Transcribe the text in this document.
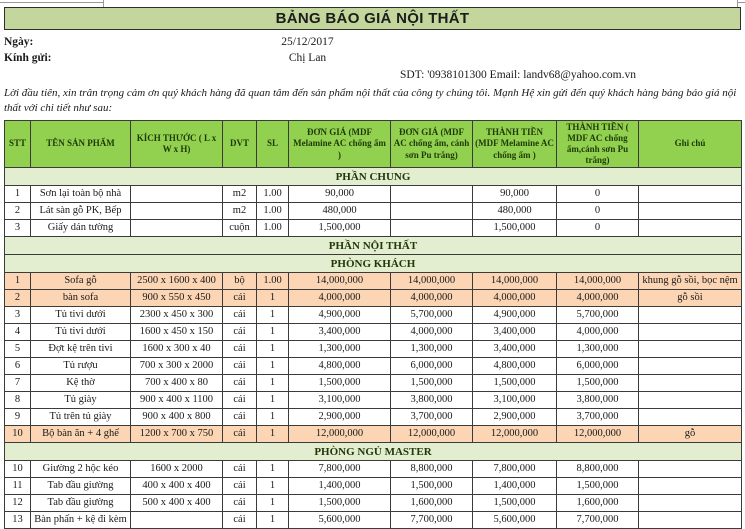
BẢNG BÁO GIÁ NỘI THẤT
Ngày:	25/12/2017
Kính gửi:	Chị Lan
SDT: '0938101300 Email: landv68@yahoo.com.vn
Lời đầu tiên, xin trân trọng cảm ơn quý khách hàng đã quan tâm đến sản phẩm nội thất của công ty chúng tôi. Mạnh Hệ xin gửi đến quý khách hàng bảng báo giá nội
thất với chi tiết như sau:
STT	TÊN SẢN PHẨM	KÍCH THƯỚC ( L x W x H)	DVT	SL	ĐƠN GIÁ (MDF Melamine AC chống ẩm )	ĐƠN GIÁ (MDF AC chống ẩm, cánh sơn Pu trắng)	THÀNH TIỀN (MDF Melamine AC chống ẩm )	THÀNH TIỀN ( MDF AC chống ẩm,cánh sơn Pu trắng)	Ghi chú
PHẦN CHUNG									
1	Sơn lại toàn bộ nhà		m2	1.00	90,000		90,000	0	
2	Lát sàn gỗ PK, Bếp		m2	1.00	480,000		480,000	0	
3	Giấy dán tường		cuộn	1.00	1,500,000		1,500,000	0	
PHẦN NỘI THẤT									
PHÒNG KHÁCH									
1	Sofa gỗ	2500 x 1600 x 400	bộ	1.00	14,000,000	14,000,000	14,000,000	14,000,000	khung gỗ sồi, bọc nệm
2	bàn sofa	900 x 550 x 450	cái	1	4,000,000	4,000,000	4,000,000	4,000,000	gỗ sồi
3	Tủ tivi dưới	2300 x 450 x 300	cái	1	4,900,000	5,700,000	4,900,000	5,700,000	
4	Tủ tivi dưới	1600 x 450 x 150	cái	1	3,400,000	4,000,000	3,400,000	4,000,000	
5	Đợt kệ trên tivi	1600 x 300 x 40	cái	1	1,300,000	1,300,000	3,400,000	1,300,000	
6	Tủ rượu	700 x 300 x 2000	cái	1	4,800,000	6,000,000	4,800,000	6,000,000	
7	Kệ thờ	700 x 400 x 80	cái	1	1,500,000	1,500,000	1,500,000	1,500,000	
8	Tủ giày	900 x 400 x 1100	cái	1	3,100,000	3,800,000	3,100,000	3,800,000	
9	Tủ trên tủ giày	900 x 400 x 800	cái	1	2,900,000	3,700,000	2,900,000	3,700,000	
10	Bộ bàn ăn + 4 ghế	1200 x 700 x 750	cái	1	12,000,000	12,000,000	12,000,000	12,000,000	gỗ
PHÒNG NGỦ MASTER									
10	Giường 2 hộc kéo	1600 x 2000	cái	1	7,800,000	8,800,000	7,800,000	8,800,000	
11	Tab đầu giường	400 x 400 x 400	cái	1	1,400,000	1,500,000	1,400,000	1,500,000	
12	Tab đầu giường	500 x 400 x 400	cái	1	1,500,000	1,600,000	1,500,000	1,600,000	
13	Bàn phấn + kệ đi kèm		cái	1	5,600,000	7,700,000	5,600,000	7,700,000	
